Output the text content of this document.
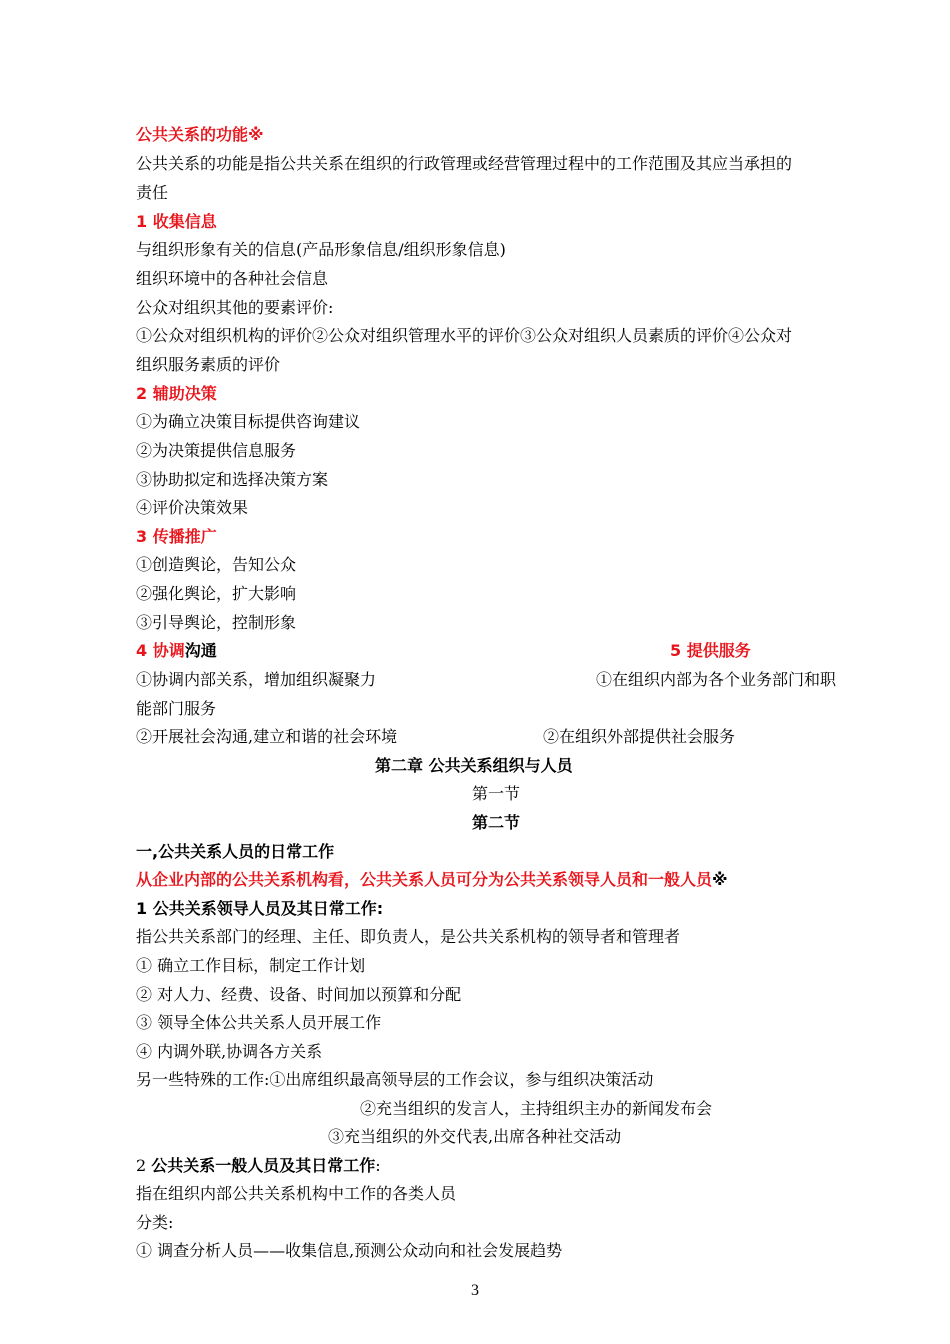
公共关系的功能※
公共关系的功能是指公共关系在组织的行政管理或经营管理过程中的工作范围及其应当承担的
责任
1 收集信息
与组织形象有关的信息(产品形象信息/组织形象信息)
组织环境中的各种社会信息
公众对组织其他的要素评价:
①公众对组织机构的评价②公众对组织管理水平的评价③公众对组织人员素质的评价④公众对
组织服务素质的评价
2 辅助决策
①为确立决策目标提供咨询建议
②为决策提供信息服务
③协助拟定和选择决策方案
④评价决策效果
3 传播推广
①创造舆论，告知公众
②强化舆论，扩大影响
③引导舆论，控制形象
4 协调沟通	5 提供服务
①协调内部关系，增加组织凝聚力	①在组织内部为各个业务部门和职
能部门服务
②开展社会沟通,建立和谐的社会环境	②在组织外部提供社会服务
第二章 公共关系组织与人员
第一节
第二节
一,公共关系人员的日常工作
从企业内部的公共关系机构看，公共关系人员可分为公共关系领导人员和一般人员※
1 公共关系领导人员及其日常工作:
指公共关系部门的经理、主任、即负责人，是公共关系机构的领导者和管理者
① 确立工作目标，制定工作计划
② 对人力、经费、设备、时间加以预算和分配
③ 领导全体公共关系人员开展工作
④ 内调外联,协调各方关系
另一些特殊的工作:①出席组织最高领导层的工作会议，参与组织决策活动
②充当组织的发言人，主持组织主办的新闻发布会
③充当组织的外交代表,出席各种社交活动
2 公共关系一般人员及其日常工作:
指在组织内部公共关系机构中工作的各类人员
分类:
① 调查分析人员——收集信息,预测公众动向和社会发展趋势
3
